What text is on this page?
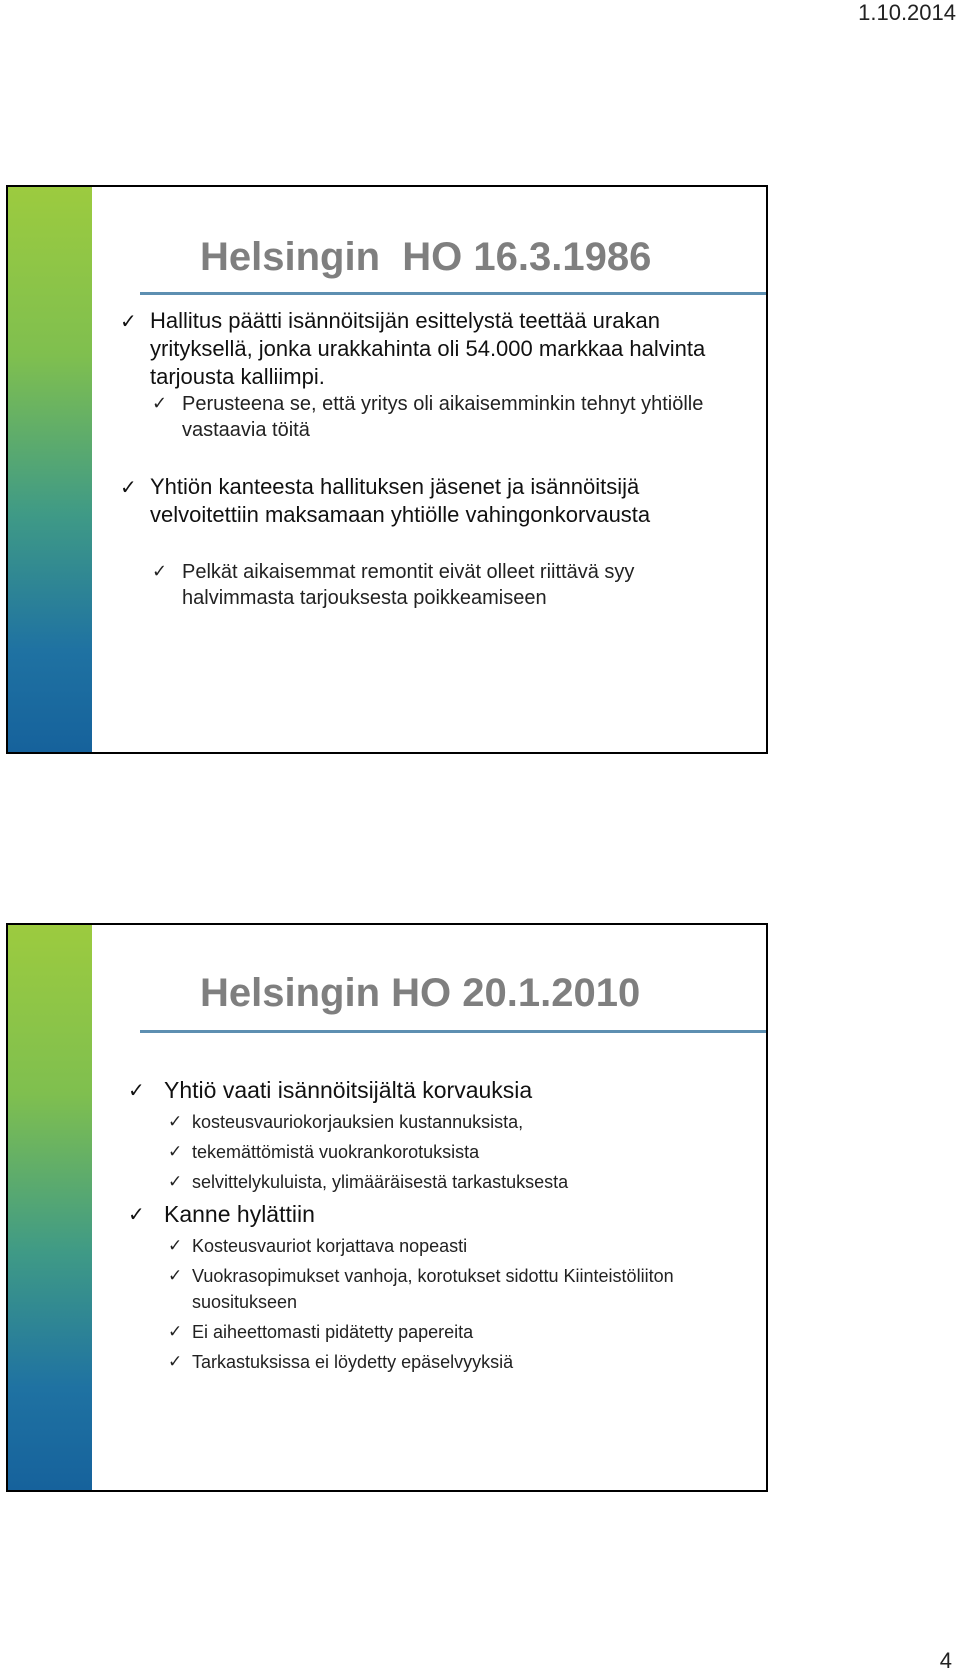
1.10.2014
Helsingin  HO 16.3.1986
✓ Hallitus päätti isännöitsijän esittelystä teettää urakan yrityksellä, jonka urakkahinta oli 54.000 markkaa halvinta tarjousta kalliimpi.
✓ Perusteena se, että yritys oli aikaisemminkin tehnyt yhtiölle vastaavia töitä
✓ Yhtiön kanteesta hallituksen jäsenet ja isännöitsijä velvoitettiin maksamaan yhtiölle vahingonkorvausta
✓ Pelkät aikaisemmat remontit eivät olleet riittävä syy halvimmasta tarjouksesta poikkeamiseen
Helsingin HO 20.1.2010
✓ Yhtiö vaati isännöitsijältä korvauksia
✓ kosteusvauriokorjauksien kustannuksista,
✓ tekemättömistä vuokrankorotuksista
✓ selvittelykuluista, ylimääräisestä tarkastuksesta
✓ Kanne hylättiin
✓ Kosteusvauriot korjattava nopeasti
✓ Vuokrasopimukset vanhoja, korotukset sidottu Kiinteistöliiton suositukseen
✓ Ei aiheettomasti pidätetty papereita
✓ Tarkastuksissa ei löydetty epäselvyyksiä
4
